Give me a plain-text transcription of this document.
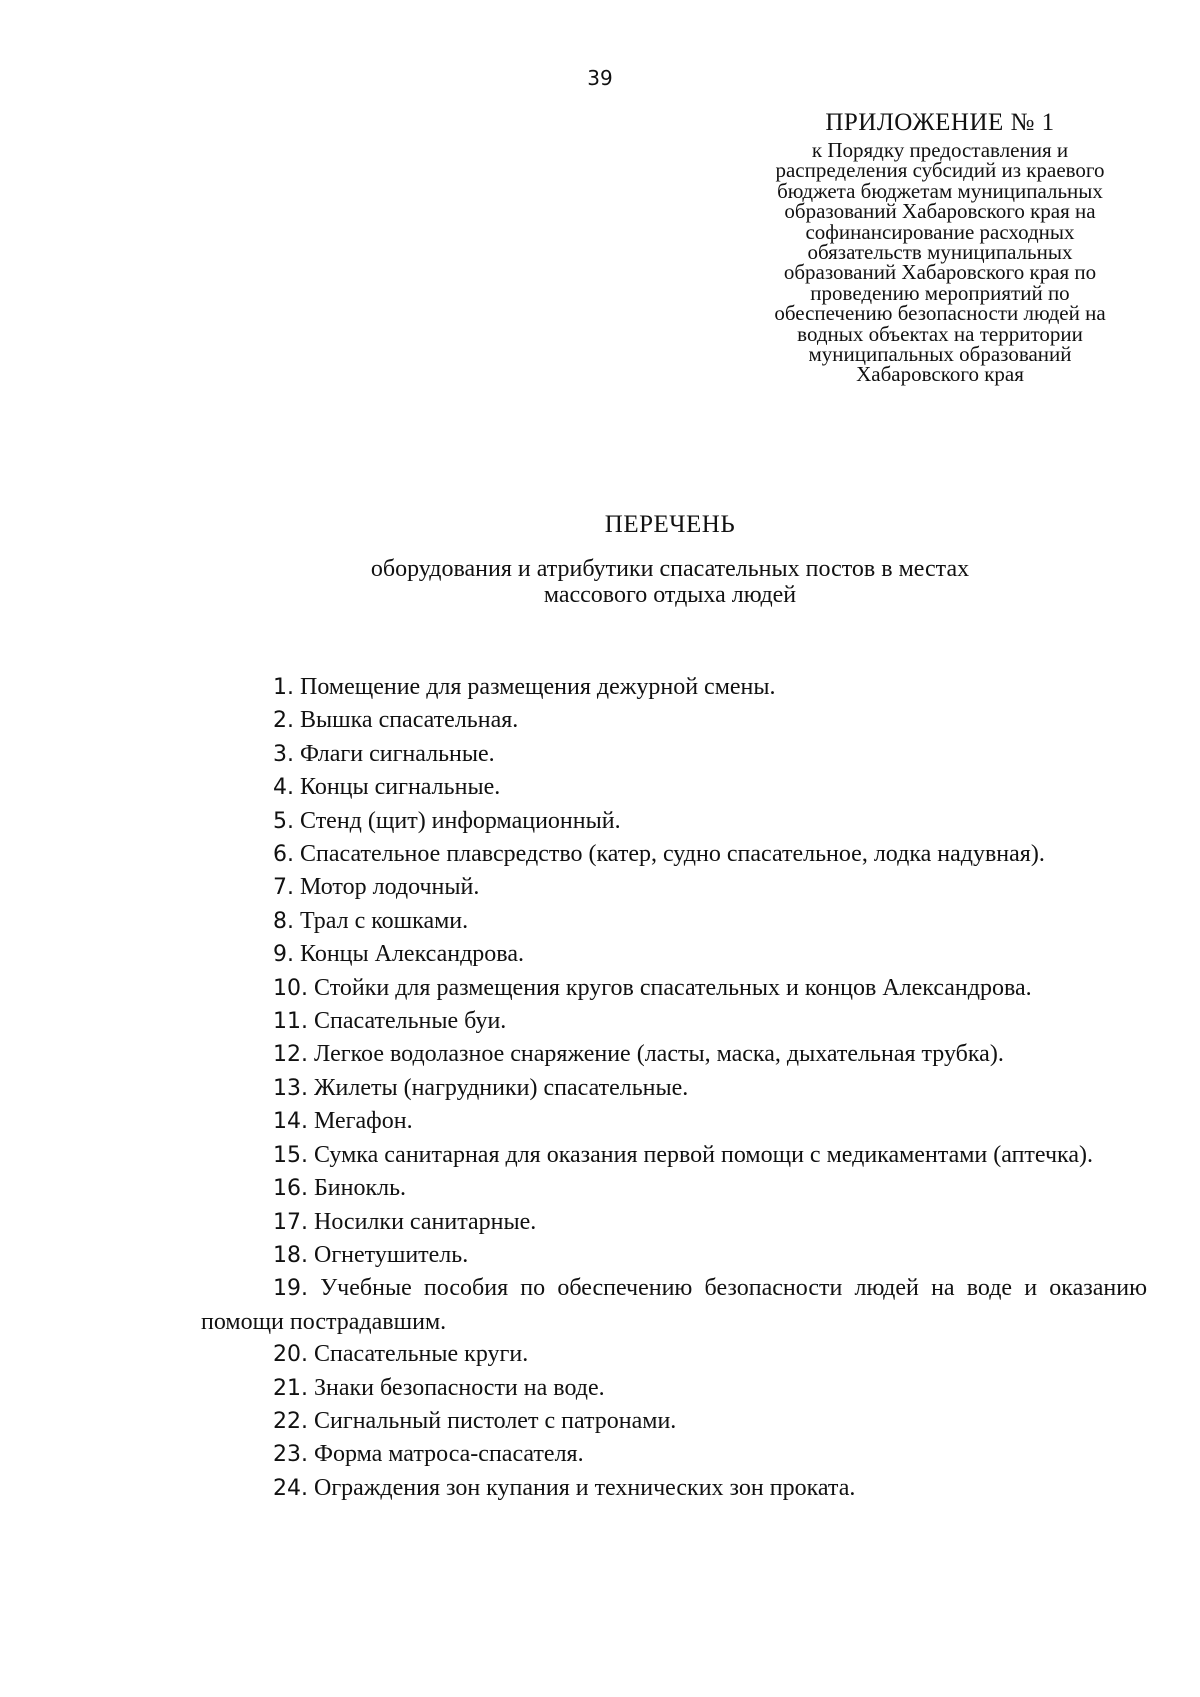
39
ПРИЛОЖЕНИЕ № 1
к Порядку предоставления и
распределения субсидий из краевого
бюджета бюджетам муниципальных
образований Хабаровского края на
софинансирование расходных
обязательств муниципальных
образований Хабаровского края по
проведению мероприятий по
обеспечению безопасности людей на
водных объектах на территории
муниципальных образований
Хабаровского края
ПЕРЕЧЕНЬ
оборудования и атрибутики спасательных постов в местах
массового отдыха людей
1. Помещение для размещения дежурной смены.
2. Вышка спасательная.
3. Флаги сигнальные.
4. Концы сигнальные.
5. Стенд (щит) информационный.
6. Спасательное плавсредство (катер, судно спасательное, лодка надувная).
7. Мотор лодочный.
8. Трал с кошками.
9. Концы Александрова.
10. Стойки для размещения кругов спасательных и концов Александрова.
11. Спасательные буи.
12. Легкое водолазное снаряжение (ласты, маска, дыхательная трубка).
13. Жилеты (нагрудники) спасательные.
14. Мегафон.
15. Сумка санитарная для оказания первой помощи с медикаментами (аптечка).
16. Бинокль.
17. Носилки санитарные.
18. Огнетушитель.
19. Учебные пособия по обеспечению безопасности людей на воде и оказанию помощи пострадавшим.
20. Спасательные круги.
21. Знаки безопасности на воде.
22. Сигнальный пистолет с патронами.
23. Форма матроса-спасателя.
24. Ограждения зон купания и технических зон проката.
